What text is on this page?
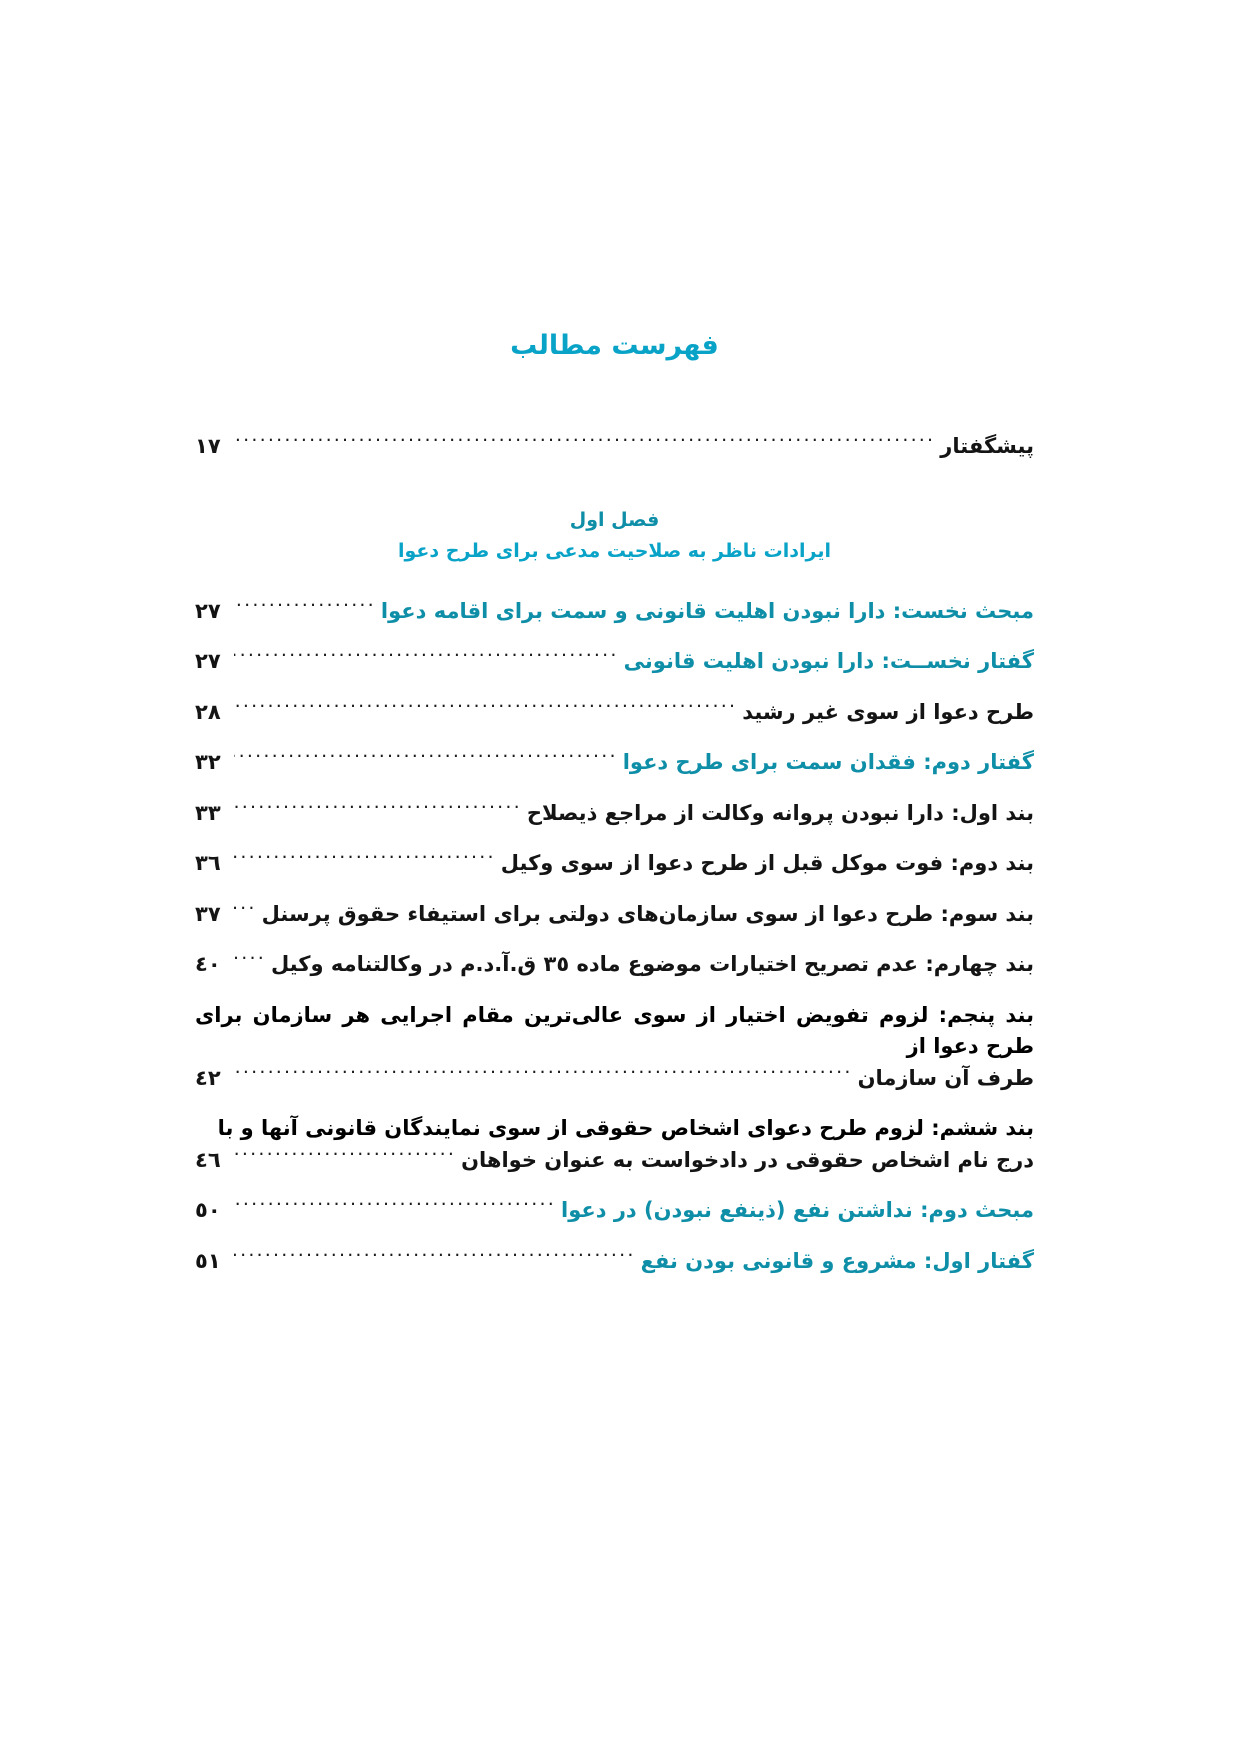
فهرست مطالب
پیشگفتار
.....
١٧
فصل اول
ایرادات ناظر به صلاحیت مدعی برای طرح دعوا
مبحث نخست: دارا نبودن اهلیت قانونی و سمت برای اقامه دعوا
.....
٢٧
گفتار نخســت: دارا نبودن اهلیت قانونی
.....
٢٧
طرح دعوا از سوی غیر رشید
.....
٢٨
گفتار دوم: فقدان سمت برای طرح دعوا
.....
٣٢
بند اول: دارا نبودن پروانه وکالت از مراجع ذیصلاح
.....
٣٣
بند دوم: فوت موکل قبل از طرح دعوا از سوی وکیل
.....
٣٦
بند سوم: طرح دعوا از سوی سازمان‌های دولتی برای استیفاء حقوق پرسنل
.....
٣٧
بند چهارم: عدم تصریح اختیارات موضوع ماده ٣٥ ق.آ.د.م در وکالتنامه وکیل
.....
٤٠
بند پنجم: لزوم تفویض اختیار از سوی عالی‌ترین مقام اجرایی هر سازمان برای طرح دعوا از
طرف آن سازمان
.....
٤٢
بند ششم: لزوم طرح دعوای اشخاص حقوقی از سوی نمایندگان قانونی آنها و با
درج نام اشخاص حقوقی در دادخواست به عنوان خواهان
.....
٤٦
مبحث دوم: نداشتن نفع (ذینفع نبودن) در دعوا
.....
٥٠
گفتار اول: مشروع و قانونی بودن نفع
.....
٥١
